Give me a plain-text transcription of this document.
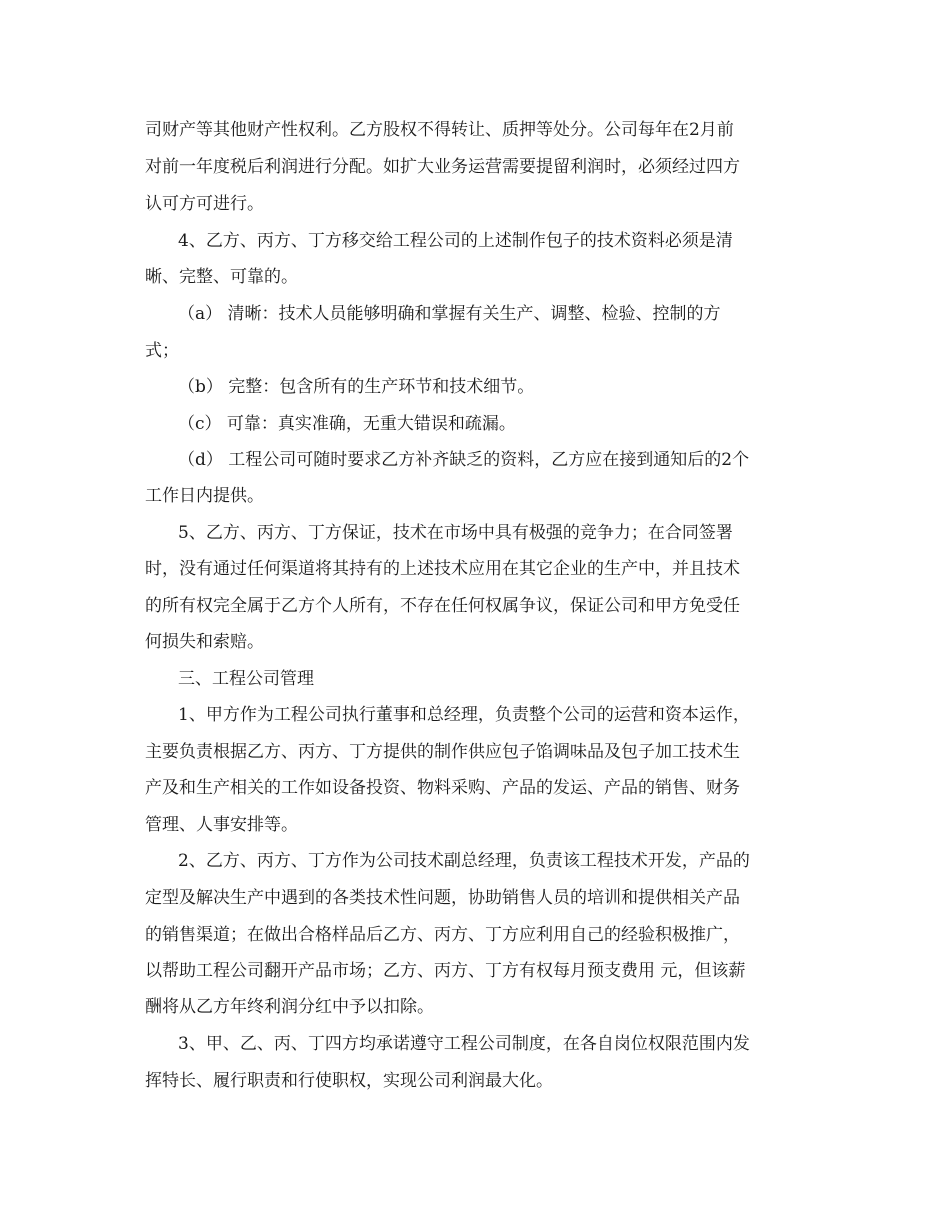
司财产等其他财产性权利。乙方股权不得转让、质押等处分。公司每年在2月前
对前一年度税后利润进行分配。如扩大业务运营需要提留利润时，必须经过四方
认可方可进行。
4、乙方、丙方、丁方移交给工程公司的上述制作包子的技术资料必须是清
晰、完整、可靠的。
（a） 清晰：技术人员能够明确和掌握有关生产、调整、检验、控制的方
式；
（b） 完整：包含所有的生产环节和技术细节。
（c） 可靠：真实准确，无重大错误和疏漏。
（d） 工程公司可随时要求乙方补齐缺乏的资料，乙方应在接到通知后的2个
工作日内提供。
5、乙方、丙方、丁方保证，技术在市场中具有极强的竞争力；在合同签署
时，没有通过任何渠道将其持有的上述技术应用在其它企业的生产中，并且技术
的所有权完全属于乙方个人所有，不存在任何权属争议，保证公司和甲方免受任
何损失和索赔。
三、工程公司管理
1、甲方作为工程公司执行董事和总经理，负责整个公司的运营和资本运作，
主要负责根据乙方、丙方、丁方提供的制作供应包子馅调味品及包子加工技术生
产及和生产相关的工作如设备投资、物料采购、产品的发运、产品的销售、财务
管理、人事安排等。
2、乙方、丙方、丁方作为公司技术副总经理，负责该工程技术开发，产品的
定型及解决生产中遇到的各类技术性问题，协助销售人员的培训和提供相关产品
的销售渠道；在做出合格样品后乙方、丙方、丁方应利用自己的经验积极推广，
以帮助工程公司翻开产品市场；乙方、丙方、丁方有权每月预支费用 元，但该薪
酬将从乙方年终利润分红中予以扣除。
3、甲、乙、丙、丁四方均承诺遵守工程公司制度，在各自岗位权限范围内发
挥特长、履行职责和行使职权，实现公司利润最大化。
